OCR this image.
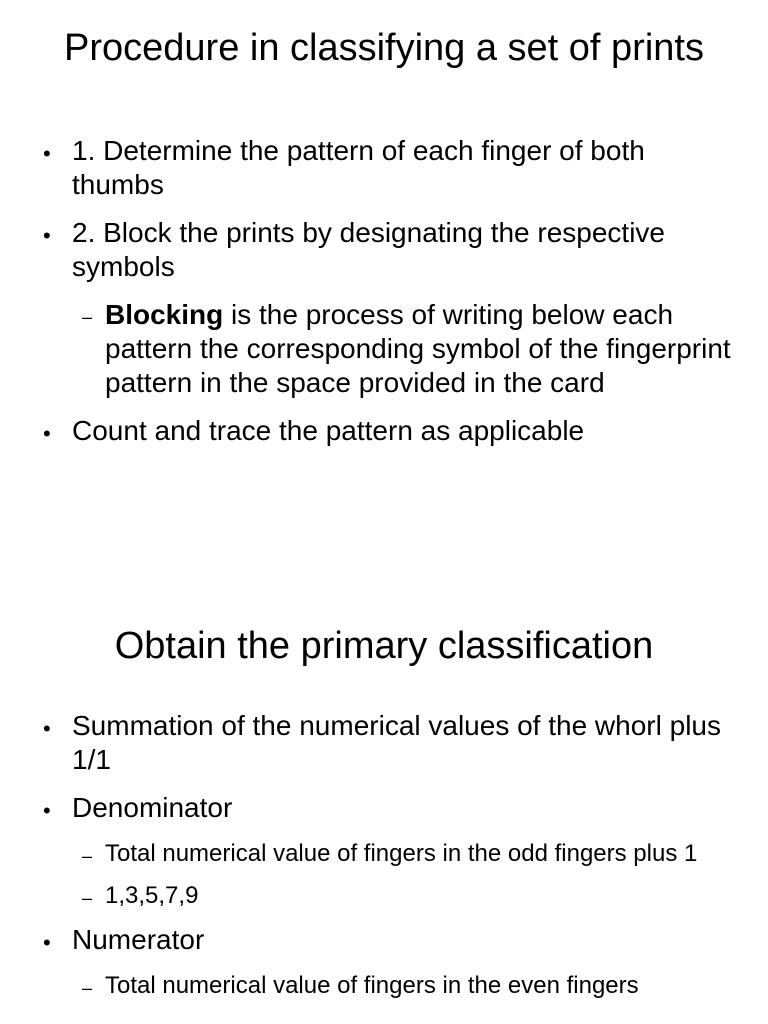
Procedure in classifying a set of prints
• 1. Determine the pattern of each finger of both thumbs
• 2. Block the prints by designating the respective symbols
– Blocking is the process of writing below each pattern the corresponding symbol of the fingerprint pattern in the space provided in the card
• Count and trace the pattern as applicable
Obtain the primary classification
• Summation of the numerical values of the whorl plus 1/1
• Denominator
– Total numerical value of fingers in the odd fingers plus 1
– 1,3,5,7,9
• Numerator
– Total numerical value of fingers in the even fingers
